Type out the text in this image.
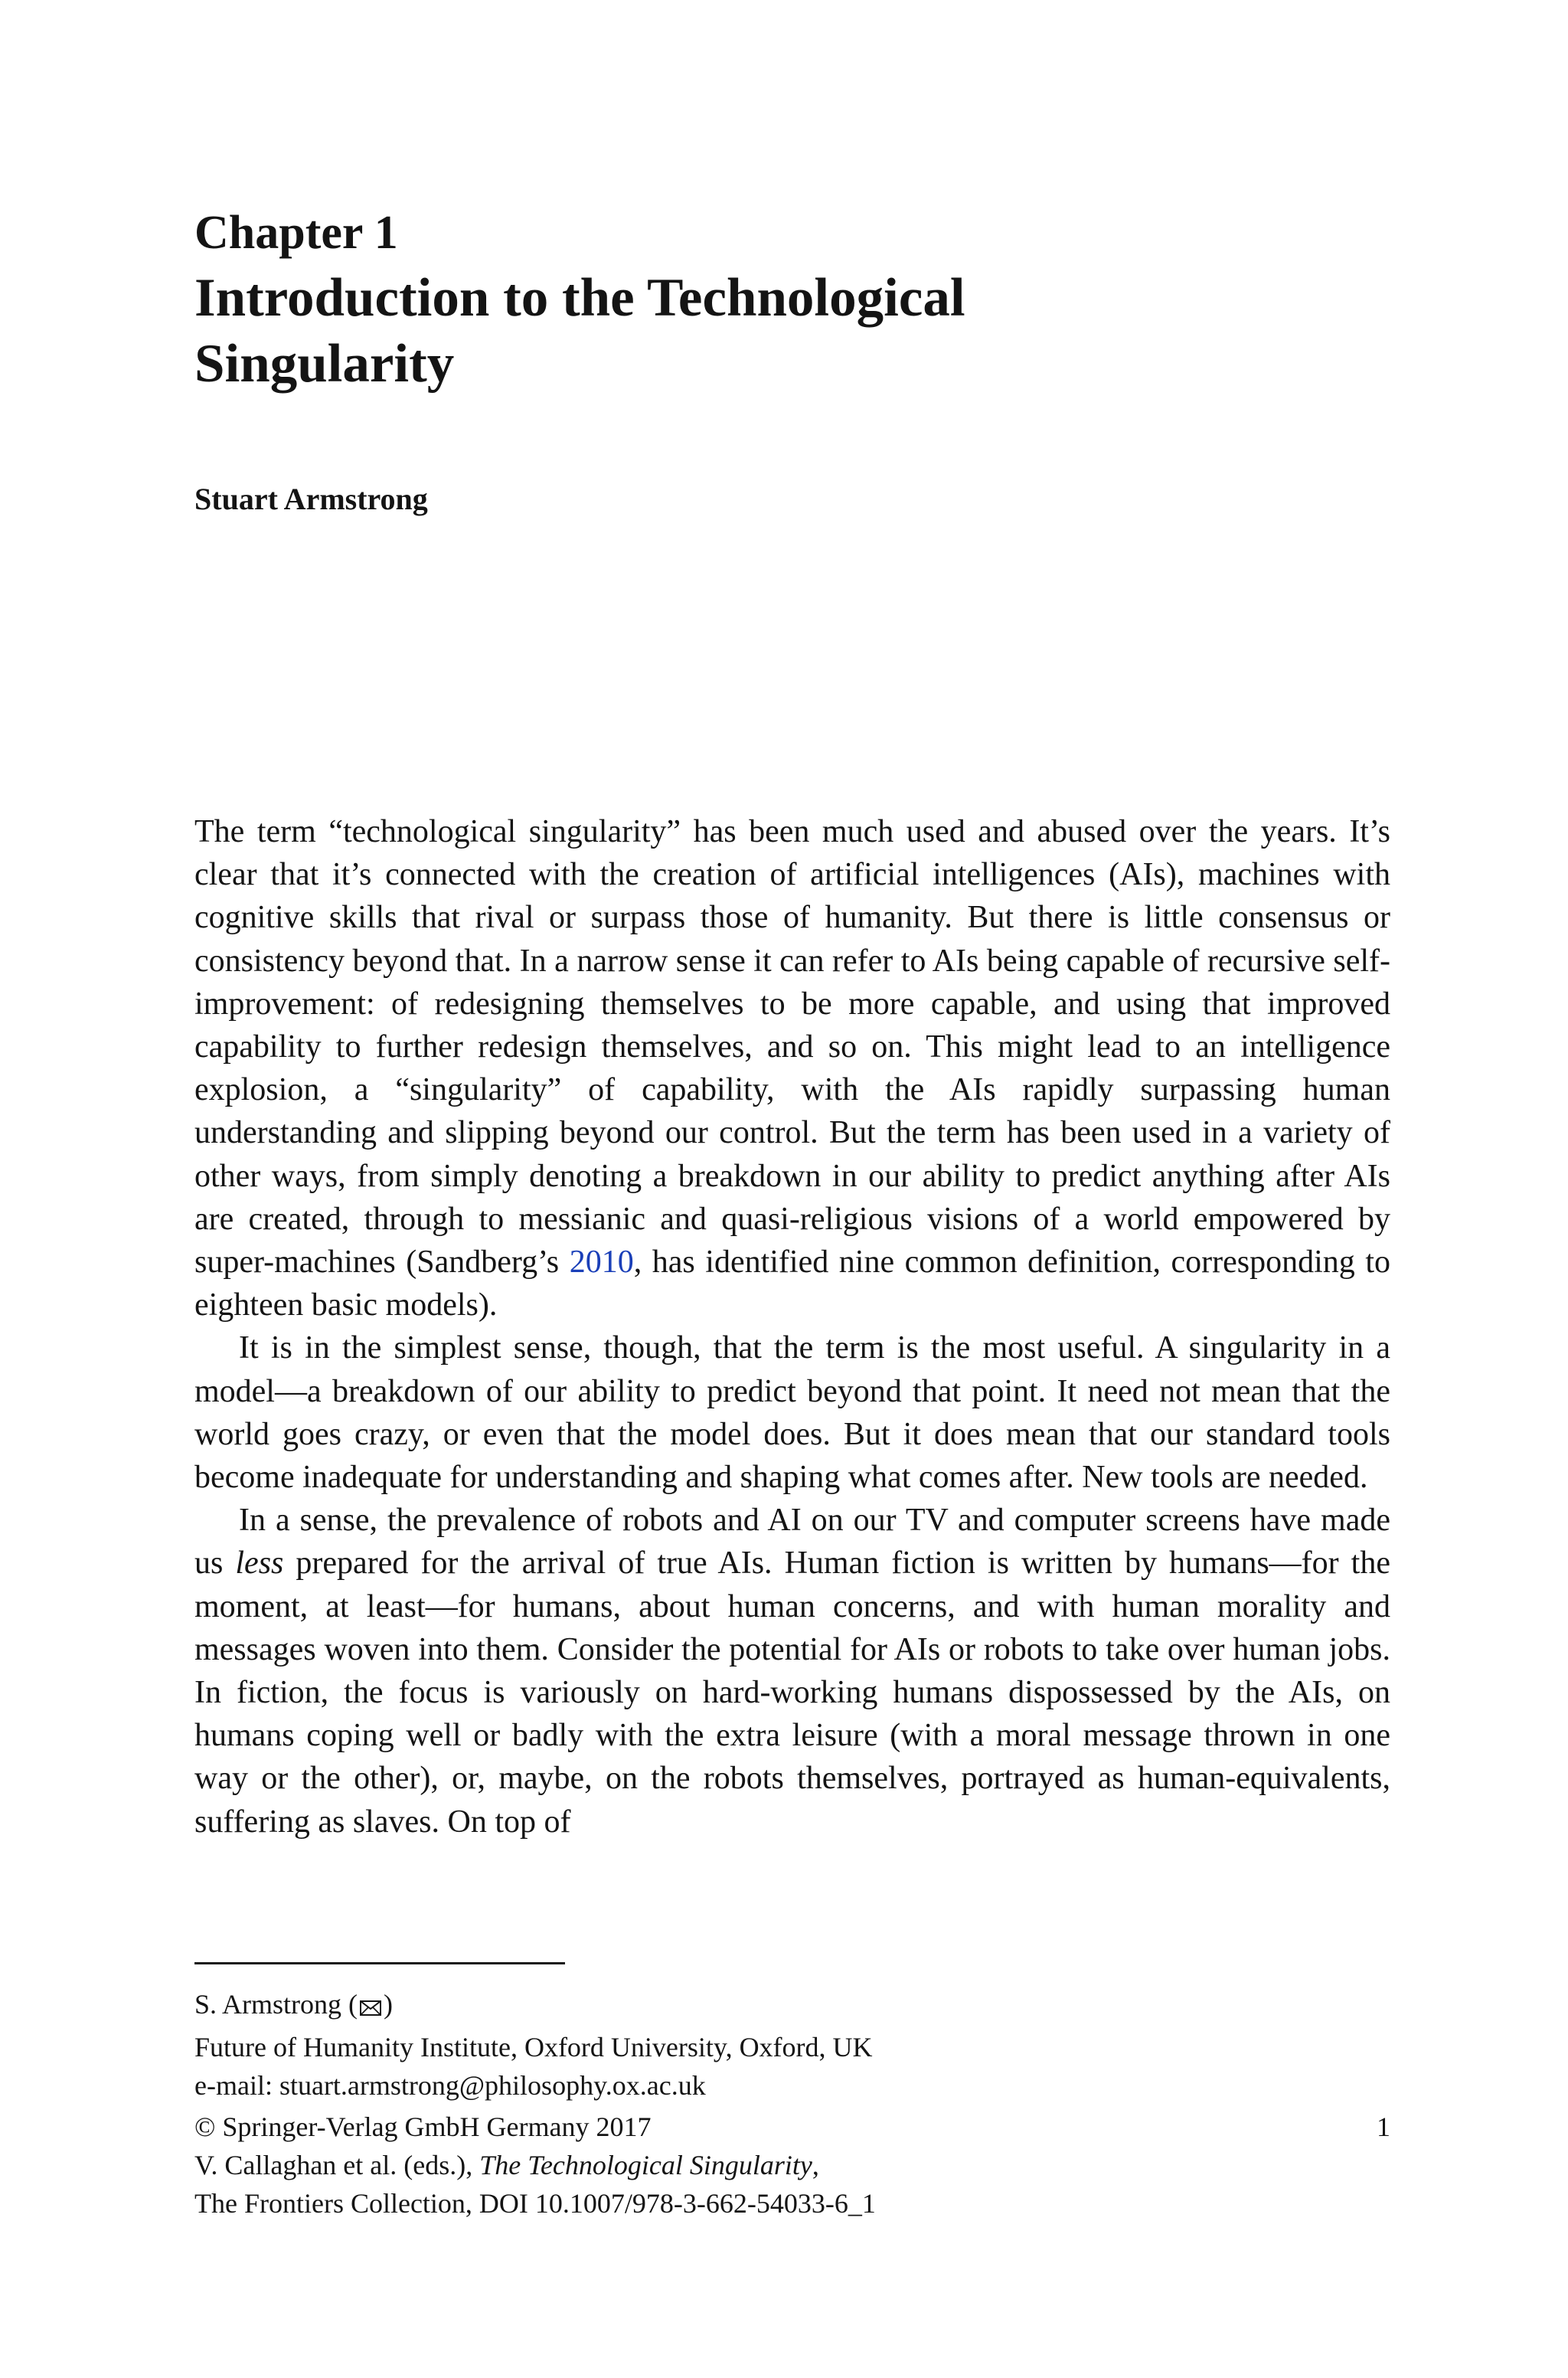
Chapter 1
Introduction to the Technological
Singularity
Stuart Armstrong

The term “technological singularity” has been much used and abused over the years. It’s clear that it’s connected with the creation of artificial intelligences (AIs), machines with cognitive skills that rival or surpass those of humanity. But there is little consensus or consistency beyond that. In a narrow sense it can refer to AIs being capable of recursive self-improvement: of redesigning themselves to be more capable, and using that improved capability to further redesign themselves, and so on. This might lead to an intelligence explosion, a “singularity” of capability, with the AIs rapidly surpassing human understanding and slipping beyond our control. But the term has been used in a variety of other ways, from simply denoting a breakdown in our ability to predict anything after AIs are created, through to messianic and quasi-religious visions of a world empowered by super-machines (Sandberg’s 2010, has identified nine common definition, corresponding to eighteen basic models).

It is in the simplest sense, though, that the term is the most useful. A singularity in a model—a breakdown of our ability to predict beyond that point. It need not mean that the world goes crazy, or even that the model does. But it does mean that our standard tools become inadequate for understanding and shaping what comes after. New tools are needed.

In a sense, the prevalence of robots and AI on our TV and computer screens have made us less prepared for the arrival of true AIs. Human fiction is written by humans—for the moment, at least—for humans, about human concerns, and with human morality and messages woven into them. Consider the potential for AIs or robots to take over human jobs. In fiction, the focus is variously on hard-working humans dispossessed by the AIs, on humans coping well or badly with the extra leisure (with a moral message thrown in one way or the other), or, maybe, on the robots themselves, portrayed as human-equivalents, suffering as slaves. On top of

S. Armstrong ( )
Future of Humanity Institute, Oxford University, Oxford, UK
e-mail: stuart.armstrong@philosophy.ox.ac.uk
© Springer-Verlag GmbH Germany 2017
V. Callaghan et al. (eds.), The Technological Singularity,
The Frontiers Collection, DOI 10.1007/978-3-662-54033-6_1
1
